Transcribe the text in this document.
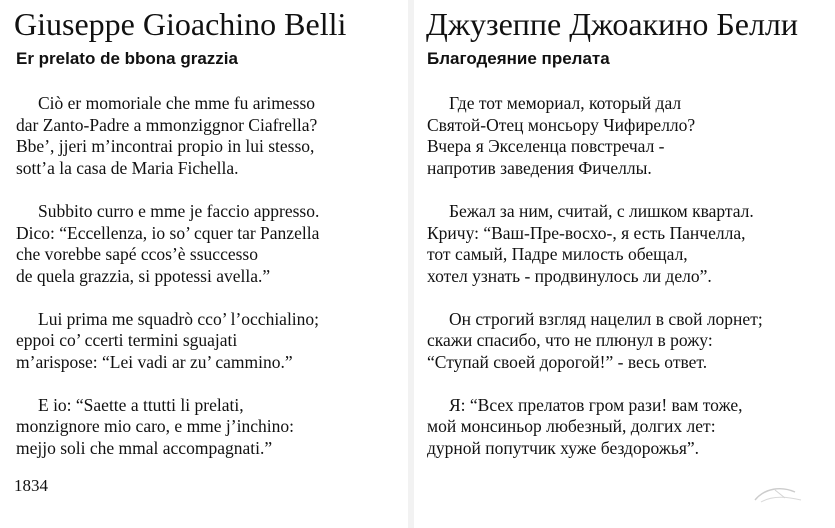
Giuseppe Gioachino Belli
Er prelato de bbona grazzia
Ciò er momoriale che mme fu arimesso
dar Zanto-Padre a mmonziggnor Ciafrella?
Bbe’, jjeri m’incontrai propio in lui stesso,
sott’a la casa de Maria Fichella.
Subbito curro e mme je faccio appresso.
Dico: “Eccellenza, io so’ cquer tar Panzella
che vorebbe sapé ccos’è ssuccesso
de quela grazzia, si ppotessi avella.”
Lui prima me squadrò cco’ l’occhialino;
eppoi co’ ccerti termini sguajati
m’arispose: “Lei vadi ar zu’ cammino.”
E io: “Saette a ttutti li prelati,
monzignore mio caro, e mme j’inchino:
mejjo soli che mmal accompagnati.”
1834
Джузеппе Джоакино Белли
Благодеяние прелата
Где тот мемориал, который дал
Святой-Отец монсьору Чифирелло?
Вчера я Экселенца повстречал -
напротив заведения Фичеллы.
Бежал за ним, считай, с лишком квартал.
Кричу: “Ваш-Пре-восхо-, я есть Панчелла,
тот самый, Падре милость обещал,
хотел узнать - продвинулось ли дело”.
Он строгий взгляд нацелил в свой лорнет;
скажи спасибо, что не плюнул в рожу:
“Ступай своей дорогой!” - весь ответ.
Я: “Всех прелатов гром рази! вам тоже,
мой монсиньор любезный, долгих лет:
дурной попутчик хуже бездорожья”.
